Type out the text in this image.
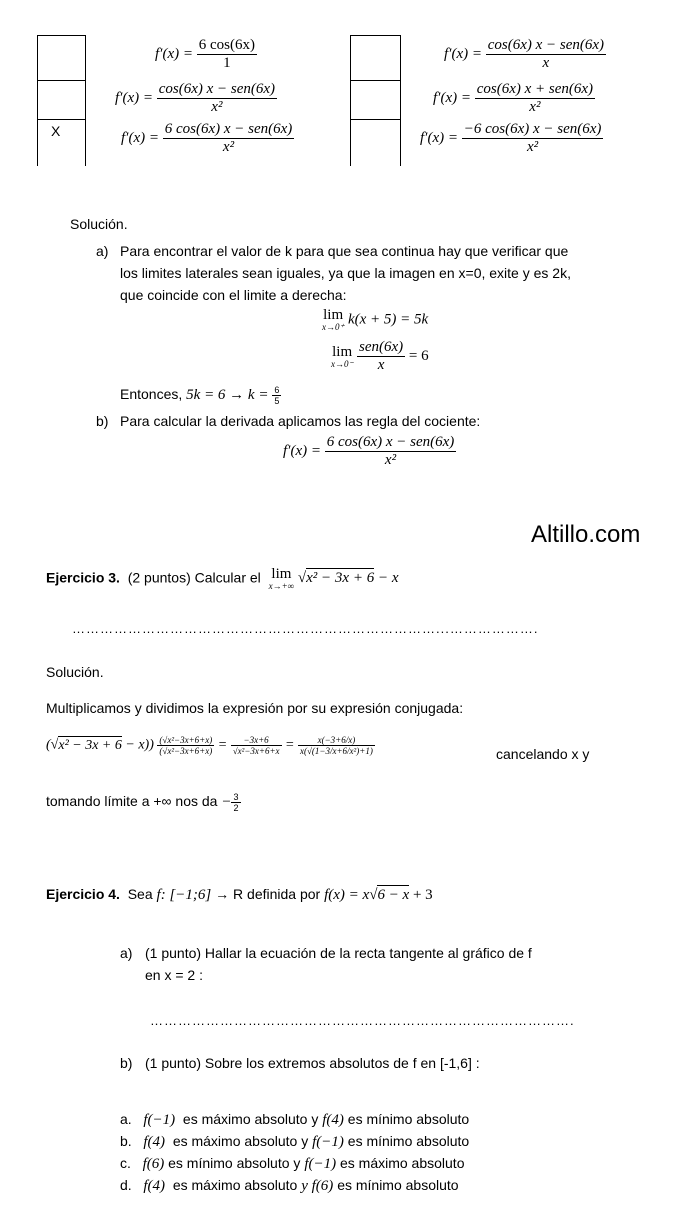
X
$f'(x) = \frac{6 \cos(6x)}{1}$
$f'(x) = \frac{\text{cos(6x) x − sen(6x)}}{\text{x²}}$
$f'(x) = \frac{\text{6 cos(6x) x − sen(6x)}}{\text{x²}}$
$f'(x) = \frac{\text{cos(6x) x − sen(6x)}}{x}$
$f'(x) = \frac{\text{cos(6x) x + sen(6x)}}{\text{x²}}$
$f'(x) = \frac{\text{−6 cos(6x) x − sen(6x)}}{\text{x²}}$
Solución.
a) Para encontrar el valor de k para que sea continua hay que verificar que
los limites laterales sean iguales, ya que la imagen en x=0, exite y es 2k,
que coincide con el limite a derecha:
lim
x→0⁺ k(x + 5) = 5k
lim
x→0⁻
$\frac{\text{sen(6x)}}{x} = 6$
Entonces, $5k = 6 \to k = \frac{6}{5}$
b) Para calcular la derivada aplicamos las regla del cociente:
$f'(x) = \frac{\text{6 cos(6x) x − sen(6x)}}{\text{x²}}$
Altillo.com
Ejercicio 3. (2 puntos) Calcular el lim
x→+∞ √x² − 3x + 6 − x
……………………………………………………………………...……………….
Solución.
Multiplicamos y dividimos la expresión por su expresión conjugada:
$(√x^2 - 3x + 6 - x)) \frac{\text{(√x²−3x+6+x)}}{\text{(√x²−3x+6+x)}} = \frac{-3x+6}{\text{√x²−3x+6+x}} = \frac{x(-3+6/x)}{\text{x(√(1−3/x+6/x²)+1)}}$	cancelando x y
tomando límite a +∞ nos da − $\frac{3}{2}$
Ejercicio 4. Sea f: [−1;6] → R definida por f(x) = x√6 − x + 3
a) (1 punto) Hallar la ecuación de la recta tangente al gráfico de f
en x = 2 :
……………………………………………………………………………….
b) (1 punto) Sobre los extremos absolutos de f en [-1,6] :
a. f(−1) es máximo absoluto y f(4) es mínimo absoluto
b. f(4) es máximo absoluto y f(−1) es mínimo absoluto
c. f(6) es mínimo absoluto y f(−1) es máximo absoluto
d. f(4) es máximo absoluto y f(6) es mínimo absoluto
